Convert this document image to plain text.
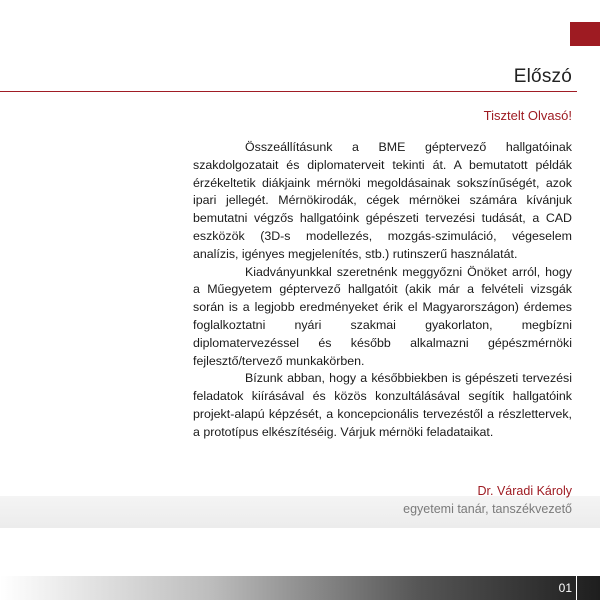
Előszó
Tisztelt Olvasó!

Összeállításunk a BME géptervező hallgatóinak szakdolgozatait és diplomaterveit tekinti át. A bemutatott példák érzékeltetik diákjaink mérnöki megoldásainak sokszínűségét, azok ipari jellegét. Mérnökirodák, cégek mérnökei számára kívánjuk bemutatni végzős hallgatóink gépészeti tervezési tudását, a CAD eszközök (3D-s modellezés, mozgás-szimuláció, végeselem analízis, igényes megjelenítés, stb.) rutinszerű használatát.

Kiadványunkkal szeretnénk meggyőzni Önöket arról, hogy a Műegyetem géptervező hallgatóit (akik már a felvételi vizsgák során is a legjobb eredményeket érik el Magyarországon) érdemes foglalkoztatni nyári szakmai gyakorlaton, megbízni diplomatervezéssel és később alkalmazni gépészmérnöki fejlesztő/tervező munkakörben.

Bízunk abban, hogy a későbbiekben is gépészeti tervezési feladatok kiírásával és közös konzultálásával segítik hallgatóink projekt-alapú képzését, a koncepcionális tervezéstől a részlettervek, a prototípus elkészítéséig. Várjuk mérnöki feladataikat.

Dr. Váradi Károly
egyetemi tanár, tanszékvezető
01
